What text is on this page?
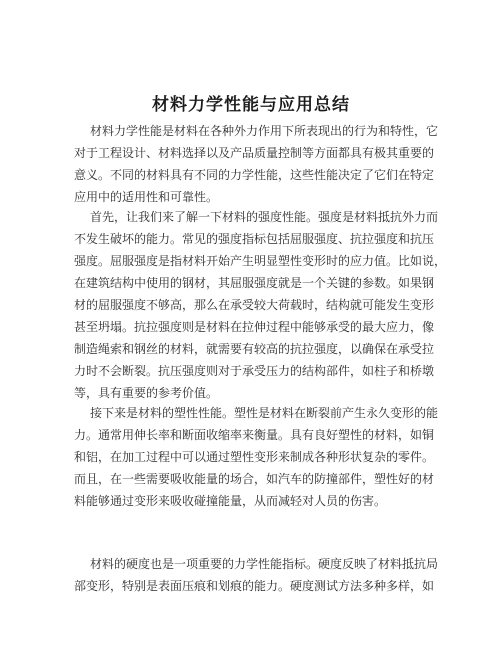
材料力学性能与应用总结
材料力学性能是材料在各种外力作用下所表现出的行为和特性，它
对于工程设计、材料选择以及产品质量控制等方面都具有极其重要的
意义。不同的材料具有不同的力学性能，这些性能决定了它们在特定
应用中的适用性和可靠性。
首先，让我们来了解一下材料的强度性能。强度是材料抵抗外力而
不发生破坏的能力。常见的强度指标包括屈服强度、抗拉强度和抗压
强度。屈服强度是指材料开始产生明显塑性变形时的应力值。比如说，
在建筑结构中使用的钢材，其屈服强度就是一个关键的参数。如果钢
材的屈服强度不够高，那么在承受较大荷载时，结构就可能发生变形
甚至坍塌。抗拉强度则是材料在拉伸过程中能够承受的最大应力，像
制造绳索和钢丝的材料，就需要有较高的抗拉强度，以确保在承受拉
力时不会断裂。抗压强度则对于承受压力的结构部件，如柱子和桥墩
等，具有重要的参考价值。
接下来是材料的塑性性能。塑性是材料在断裂前产生永久变形的能
力。通常用伸长率和断面收缩率来衡量。具有良好塑性的材料，如铜
和铝，在加工过程中可以通过塑性变形来制成各种形状复杂的零件。
而且，在一些需要吸收能量的场合，如汽车的防撞部件，塑性好的材
料能够通过变形来吸收碰撞能量，从而减轻对人员的伤害。
材料的硬度也是一项重要的力学性能指标。硬度反映了材料抵抗局
部变形，特别是表面压痕和划痕的能力。硬度测试方法多种多样，如
